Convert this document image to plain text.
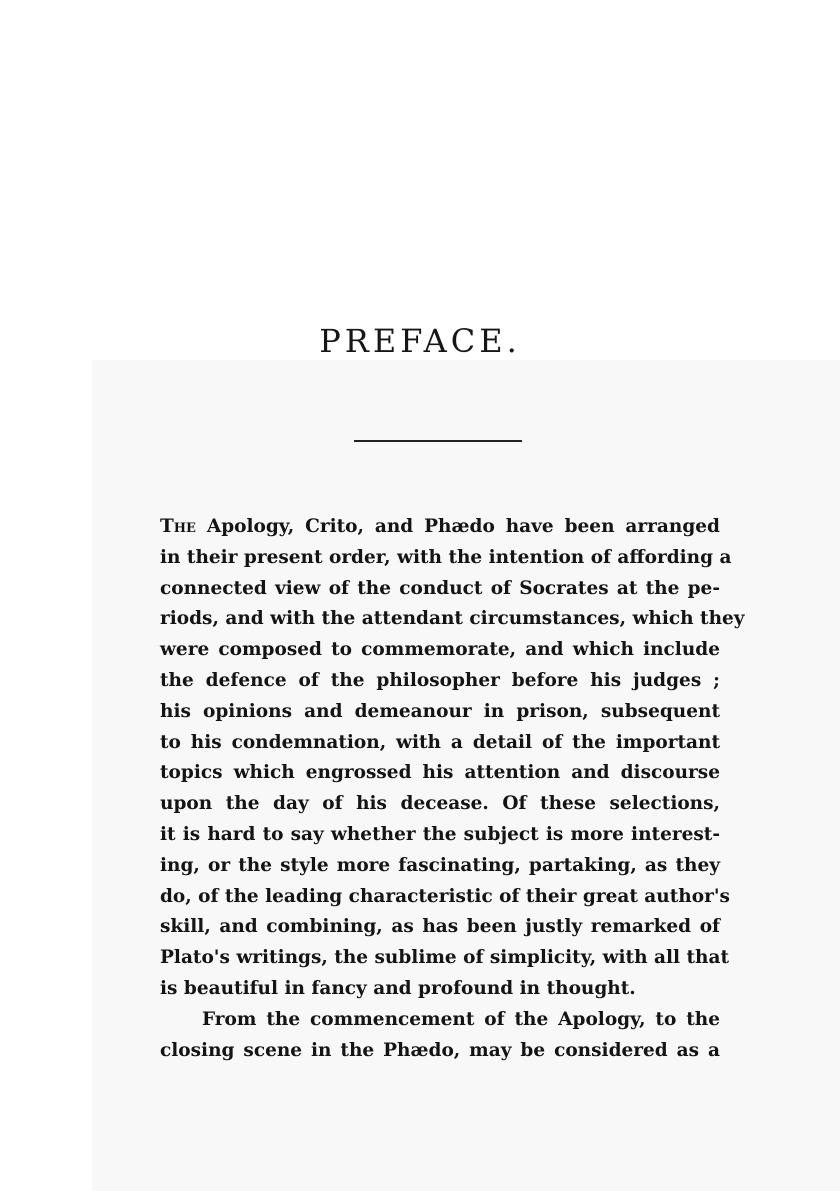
PREFACE.
The Apology, Crito, and Phædo have been arranged
in their present order, with the intention of affording a
connected view of the conduct of Socrates at the pe-
riods, and with the attendant circumstances, which they
were composed to commemorate, and which include
the defence of the philosopher before his judges ;
his opinions and demeanour in prison, subsequent
to his condemnation, with a detail of the important
topics which engrossed his attention and discourse
upon the day of his decease. Of these selections,
it is hard to say whether the subject is more interest-
ing, or the style more fascinating, partaking, as they
do, of the leading characteristic of their great author's
skill, and combining, as has been justly remarked of
Plato's writings, the sublime of simplicity, with all that
is beautiful in fancy and profound in thought.
From the commencement of the Apology, to the
closing scene in the Phædo, may be considered as a
